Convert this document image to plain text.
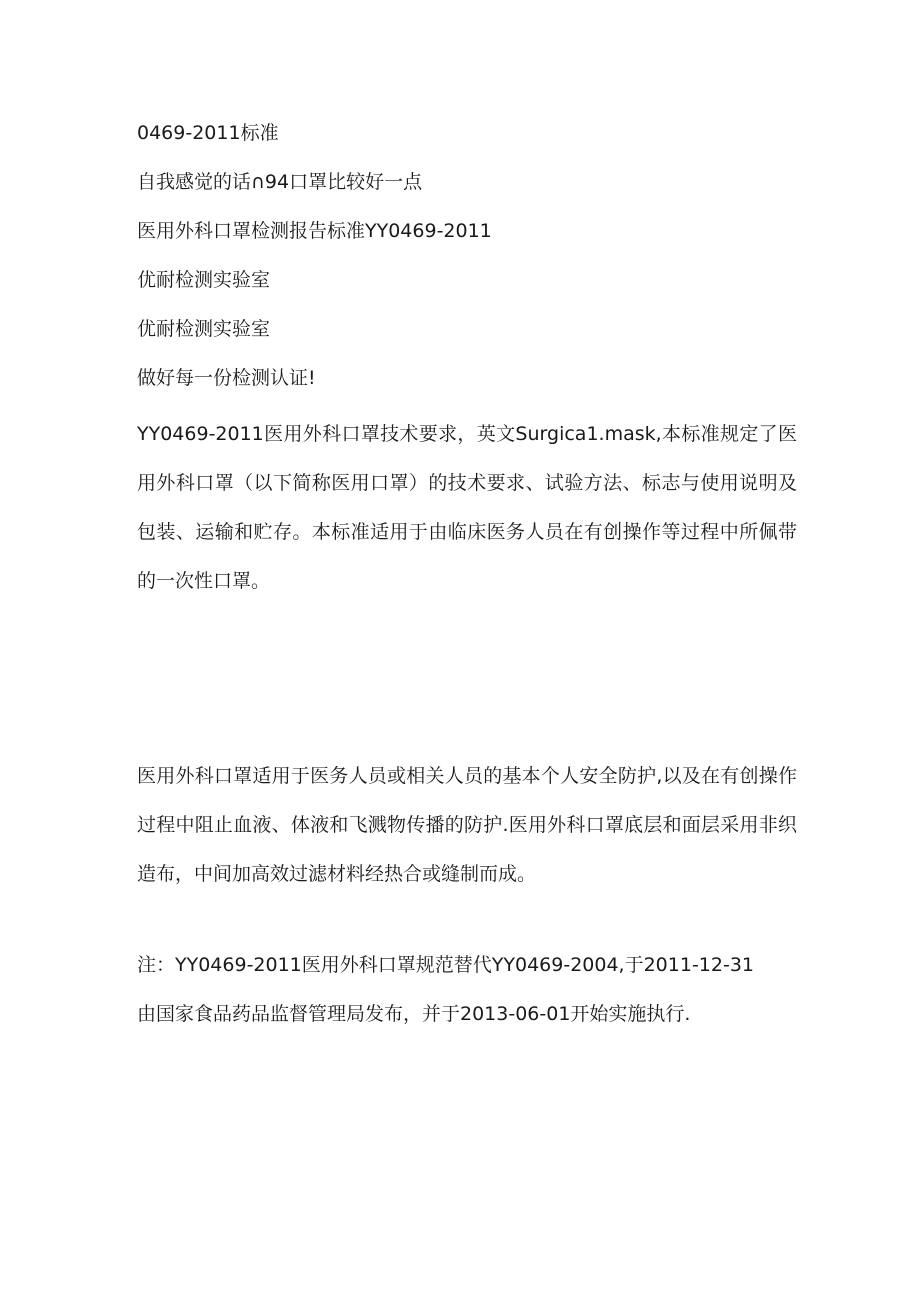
0469-2011标准
自我感觉的话∩94口罩比较好一点
医用外科口罩检测报告标准YY0469-2011
优耐检测实验室
优耐检测实验室
做好每一份检测认证!

YY0469-2011医用外科口罩技术要求，英文Surgica1.mask,本标准规定了医用外科口罩（以下简称医用口罩）的技术要求、试验方法、标志与使用说明及包装、运输和贮存。本标准适用于由临床医务人员在有创操作等过程中所佩带的一次性口罩。

医用外科口罩适用于医务人员或相关人员的基本个人安全防护,以及在有创操作过程中阻止血液、体液和飞溅物传播的防护.医用外科口罩底层和面层采用非织造布，中间加高效过滤材料经热合或缝制而成。

注：YY0469-2011医用外科口罩规范替代YY0469-2004,于2011-12-31
由国家食品药品监督管理局发布，并于2013-06-01开始实施执行.
